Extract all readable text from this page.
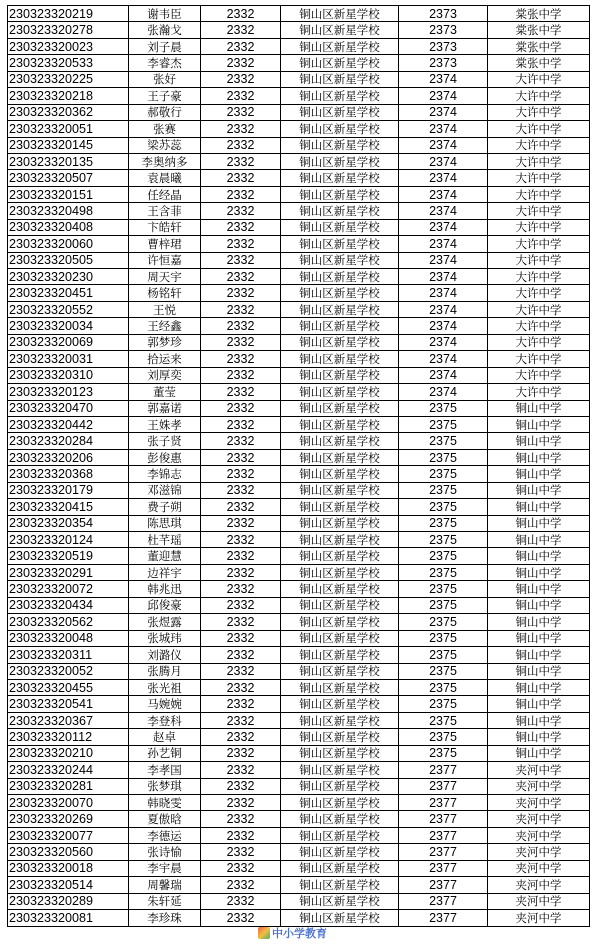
230323320219	谢韦臣	2332	铜山区新星学校	2373	棠张中学
230323320278	张瀚戈	2332	铜山区新星学校	2373	棠张中学
230323320023	刘子晨	2332	铜山区新星学校	2373	棠张中学
230323320533	李睿杰	2332	铜山区新星学校	2373	棠张中学
230323320225	张好	2332	铜山区新星学校	2374	大许中学
230323320218	王子豪	2332	铜山区新星学校	2374	大许中学
230323320362	郝敬行	2332	铜山区新星学校	2374	大许中学
230323320051	张赛	2332	铜山区新星学校	2374	大许中学
230323320145	梁苏蕊	2332	铜山区新星学校	2374	大许中学
230323320135	李奥纳多	2332	铜山区新星学校	2374	大许中学
230323320507	袁晨曦	2332	铜山区新星学校	2374	大许中学
230323320151	任经晶	2332	铜山区新星学校	2374	大许中学
230323320498	王含菲	2332	铜山区新星学校	2374	大许中学
230323320408	卞皓轩	2332	铜山区新星学校	2374	大许中学
230323320060	曹梓珺	2332	铜山区新星学校	2374	大许中学
230323320505	许恒嘉	2332	铜山区新星学校	2374	大许中学
230323320230	周天宇	2332	铜山区新星学校	2374	大许中学
230323320451	杨铭轩	2332	铜山区新星学校	2374	大许中学
230323320552	王悦	2332	铜山区新星学校	2374	大许中学
230323320034	王经鑫	2332	铜山区新星学校	2374	大许中学
230323320069	郭梦珍	2332	铜山区新星学校	2374	大许中学
230323320031	拾运来	2332	铜山区新星学校	2374	大许中学
230323320310	刘厚奕	2332	铜山区新星学校	2374	大许中学
230323320123	董莹	2332	铜山区新星学校	2374	大许中学
230323320470	郭嘉诺	2332	铜山区新星学校	2375	铜山中学
230323320442	王姝孝	2332	铜山区新星学校	2375	铜山中学
230323320284	张子贤	2332	铜山区新星学校	2375	铜山中学
230323320206	彭俊惠	2332	铜山区新星学校	2375	铜山中学
230323320368	李锦志	2332	铜山区新星学校	2375	铜山中学
230323320179	邓滋锦	2332	铜山区新星学校	2375	铜山中学
230323320415	费子朔	2332	铜山区新星学校	2375	铜山中学
230323320354	陈思琪	2332	铜山区新星学校	2375	铜山中学
230323320124	杜芊瑶	2332	铜山区新星学校	2375	铜山中学
230323320519	董迎慧	2332	铜山区新星学校	2375	铜山中学
230323320291	边祥宇	2332	铜山区新星学校	2375	铜山中学
230323320072	韩兆迅	2332	铜山区新星学校	2375	铜山中学
230323320434	邱俊豪	2332	铜山区新星学校	2375	铜山中学
230323320562	张煜露	2332	铜山区新星学校	2375	铜山中学
230323320048	张城玮	2332	铜山区新星学校	2375	铜山中学
230323320311	刘潞仪	2332	铜山区新星学校	2375	铜山中学
230323320052	张腾月	2332	铜山区新星学校	2375	铜山中学
230323320455	张光祖	2332	铜山区新星学校	2375	铜山中学
230323320541	马婉婉	2332	铜山区新星学校	2375	铜山中学
230323320367	李登科	2332	铜山区新星学校	2375	铜山中学
230323320112	赵卓	2332	铜山区新星学校	2375	铜山中学
230323320210	孙艺铜	2332	铜山区新星学校	2375	铜山中学
230323320244	李孝国	2332	铜山区新星学校	2377	夹河中学
230323320281	张梦琪	2332	铜山区新星学校	2377	夹河中学
230323320070	韩晓雯	2332	铜山区新星学校	2377	夹河中学
230323320269	夏傲晗	2332	铜山区新星学校	2377	夹河中学
230323320077	李德运	2332	铜山区新星学校	2377	夹河中学
230323320560	张诗愉	2332	铜山区新星学校	2377	夹河中学
230323320018	李宇晨	2332	铜山区新星学校	2377	夹河中学
230323320514	周馨瑞	2332	铜山区新星学校	2377	夹河中学
230323320289	朱轩延	2332	铜山区新星学校	2377	夹河中学
230323320081	李珍珠	2332	铜山区新星学校	2377	夹河中学
中小学教育
